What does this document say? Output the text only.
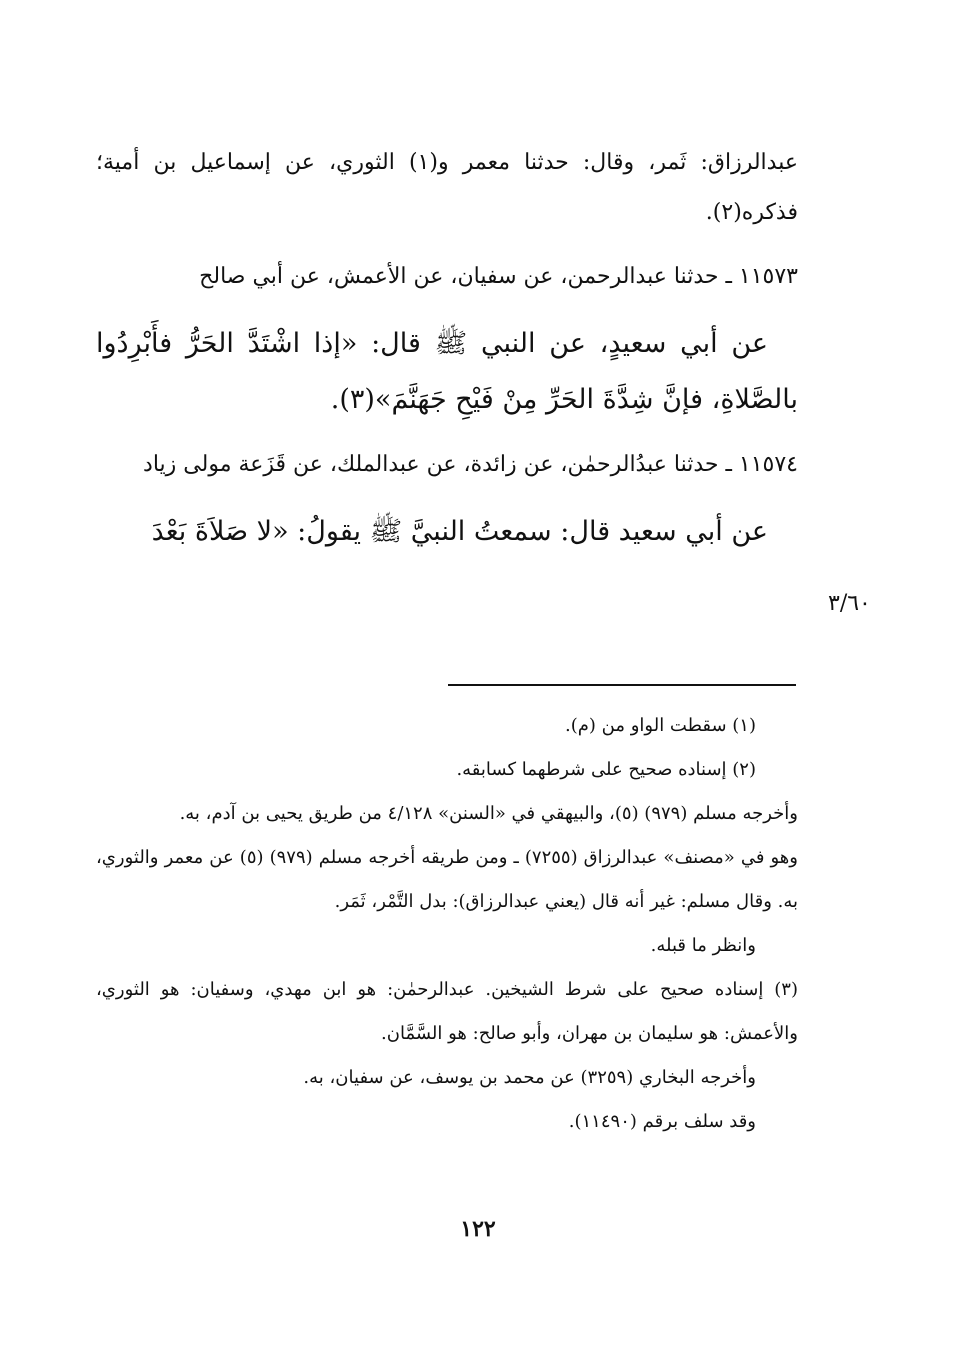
عبدالرزاق: ثَمر، وقال: حدثنا معمر و(١) الثوري، عن إسماعيل بن أمية؛ فذكره(٢).

١١٥٧٣ ـ حدثنا عبدالرحمن، عن سفيان، عن الأعمش، عن أبي صالح

عن أبي سعيدٍ، عن النبي ﷺ قال: «إذا اشْتَدَّ الحَرُّ فأَبْرِدُوا بالصَّلاةِ، فإنَّ شِدَّةَ الحَرِّ مِنْ فَيْحِ جَهَنَّمَ»(٣).

١١٥٧٤ ـ حدثنا عبدُالرحمٰن، عن زائدة، عن عبدالملك، عن قَزَعة مولى زياد

عن أبي سعيد قال: سمعتُ النبيَّ ﷺ يقولُ: «لا صَلاَةَ بَعْدَ

٣/٦٠

(١) سقطت الواو من (م).

(٢) إسناده صحيح على شرطهما كسابقه.

وأخرجه مسلم (٩٧٩) (٥)، والبيهقي في «السنن» ٤/١٢٨ من طريق يحيى بن آدم، به.

وهو في «مصنف» عبدالرزاق (٧٢٥٥) ـ ومن طريقه أخرجه مسلم (٩٧٩) (٥) عن معمر والثوري، به. وقال مسلم: غير أنه قال (يعني عبدالرزاق): بدل التَّمْر، ثَمَر.

وانظر ما قبله.

(٣) إسناده صحيح على شرط الشيخين. عبدالرحمٰن: هو ابن مهدي، وسفيان: هو الثوري، والأعمش: هو سليمان بن مهران، وأبو صالح: هو السَّمَّان.

وأخرجه البخاري (٣٢٥٩) عن محمد بن يوسف، عن سفيان، به.

وقد سلف برقم (١١٤٩٠).

١٢٢
